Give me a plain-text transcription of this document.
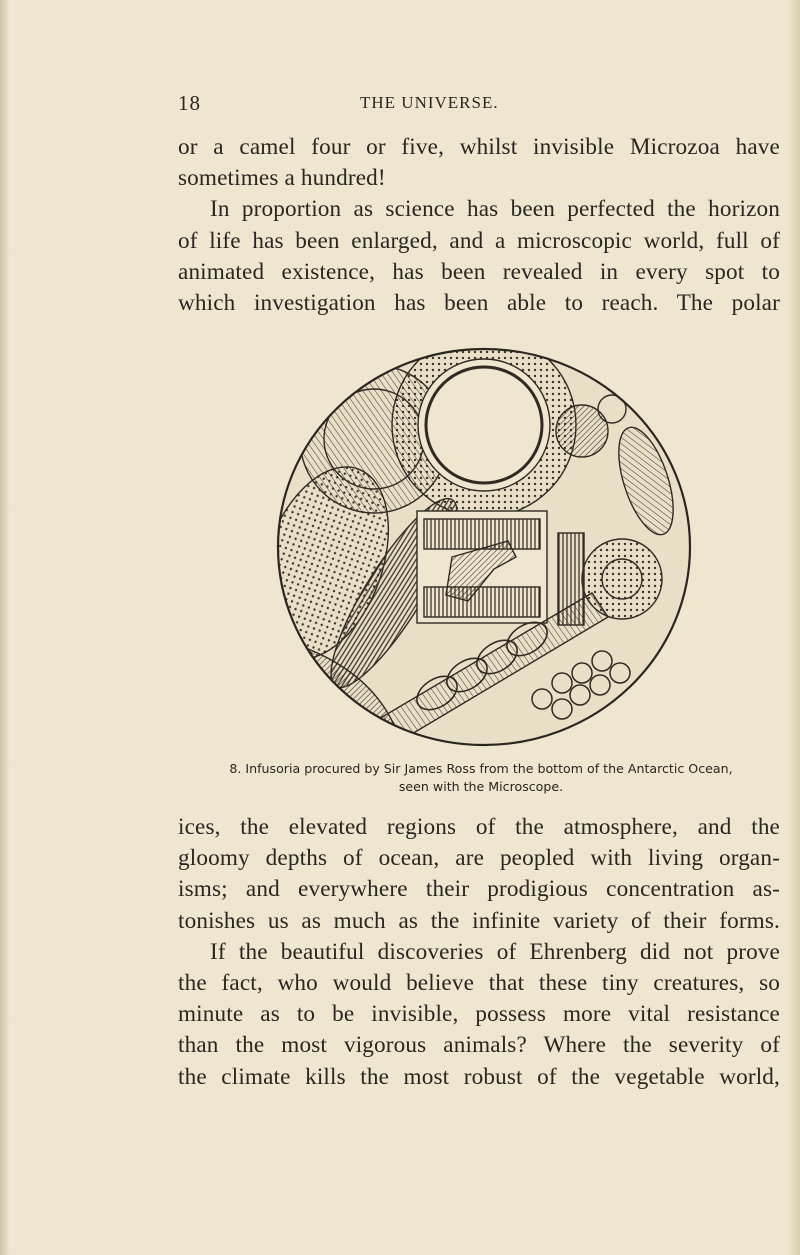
18	THE UNIVERSE.
or a camel four or five, whilst invisible Microzoa have
sometimes a hundred!
In proportion as science has been perfected the horizon
of life has been enlarged, and a microscopic world, full of
animated existence, has been revealed in every spot to
which investigation has been able to reach. The polar
8. Infusoria procured by Sir James Ross from the bottom of the Antarctic Ocean,
seen with the Microscope.
ices, the elevated regions of the atmosphere, and the
gloomy depths of ocean, are peopled with living organ-
isms; and everywhere their prodigious concentration as-
tonishes us as much as the infinite variety of their forms.
If the beautiful discoveries of Ehrenberg did not prove
the fact, who would believe that these tiny creatures, so
minute as to be invisible, possess more vital resistance
than the most vigorous animals? Where the severity of
the climate kills the most robust of the vegetable world,
